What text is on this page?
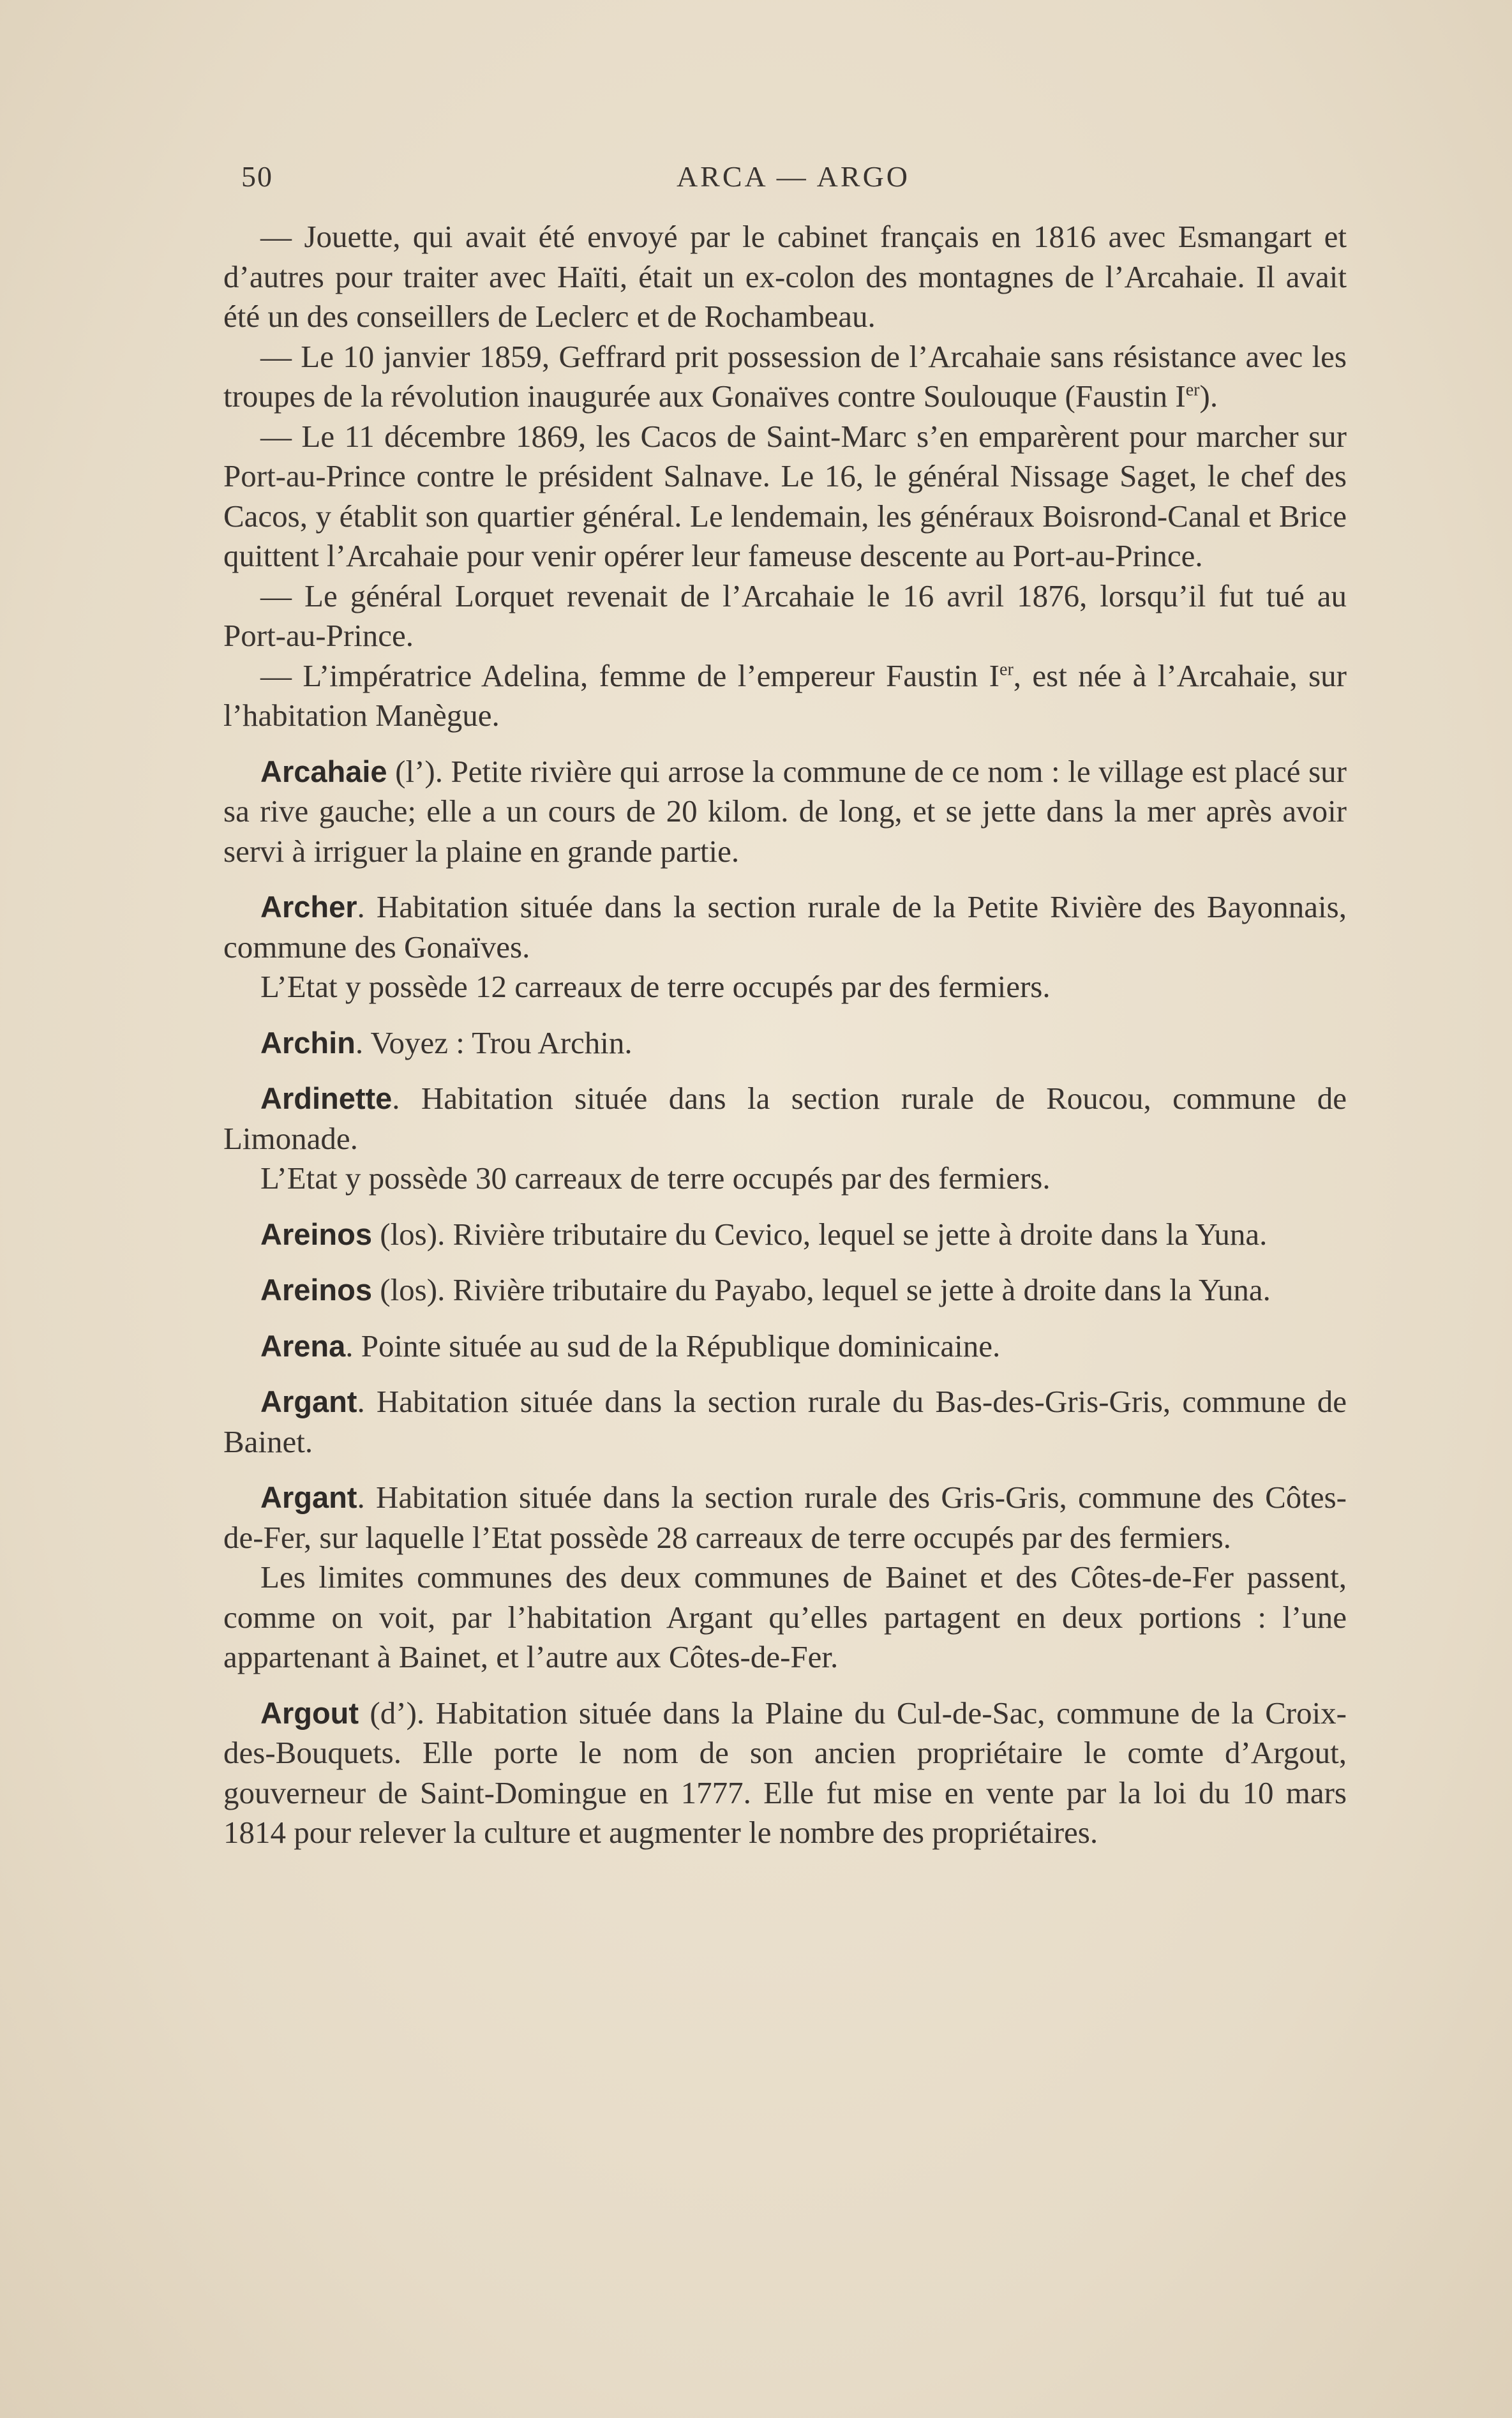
50	ARCA — ARGO

— Jouette, qui avait été envoyé par le cabinet français en 1816 avec Esmangart et d’autres pour traiter avec Haïti, était un ex-colon des montagnes de l’Arcahaie. Il avait été un des conseillers de Leclerc et de Rochambeau.

— Le 10 janvier 1859, Geffrard prit possession de l’Arcahaie sans résistance avec les troupes de la révolution inaugurée aux Gonaïves contre Soulouque (Faustin Ier).

— Le 11 décembre 1869, les Cacos de Saint-Marc s’en emparèrent pour marcher sur Port-au-Prince contre le président Salnave. Le 16, le général Nissage Saget, le chef des Cacos, y établit son quartier général. Le lendemain, les généraux Boisrond-Canal et Brice quittent l’Arcahaie pour venir opérer leur fameuse descente au Port-au-Prince.

— Le général Lorquet revenait de l’Arcahaie le 16 avril 1876, lorsqu’il fut tué au Port-au-Prince.

— L’impératrice Adelina, femme de l’empereur Faustin Ier, est née à l’Arcahaie, sur l’habitation Manègue.

Arcahaie (l’). Petite rivière qui arrose la commune de ce nom : le village est placé sur sa rive gauche; elle a un cours de 20 kilom. de long, et se jette dans la mer après avoir servi à irriguer la plaine en grande partie.

Archer. Habitation située dans la section rurale de la Petite Rivière des Bayonnais, commune des Gonaïves.

L’Etat y possède 12 carreaux de terre occupés par des fermiers.

Archin. Voyez : Trou Archin.

Ardinette. Habitation située dans la section rurale de Roucou, commune de Limonade.

L’Etat y possède 30 carreaux de terre occupés par des fermiers.

Areinos (los). Rivière tributaire du Cevico, lequel se jette à droite dans la Yuna.

Areinos (los). Rivière tributaire du Payabo, lequel se jette à droite dans la Yuna.

Arena. Pointe située au sud de la République dominicaine.

Argant. Habitation située dans la section rurale du Bas-des-Gris-Gris, commune de Bainet.

Argant. Habitation située dans la section rurale des Gris-Gris, commune des Côtes-de-Fer, sur laquelle l’Etat possède 28 carreaux de terre occupés par des fermiers.

Les limites communes des deux communes de Bainet et des Côtes-de-Fer passent, comme on voit, par l’habitation Argant qu’elles partagent en deux portions : l’une appartenant à Bainet, et l’autre aux Côtes-de-Fer.

Argout (d’). Habitation située dans la Plaine du Cul-de-Sac, commune de la Croix-des-Bouquets. Elle porte le nom de son ancien propriétaire le comte d’Argout, gouverneur de Saint-Domingue en 1777. Elle fut mise en vente par la loi du 10 mars 1814 pour relever la culture et augmenter le nombre des propriétaires.
